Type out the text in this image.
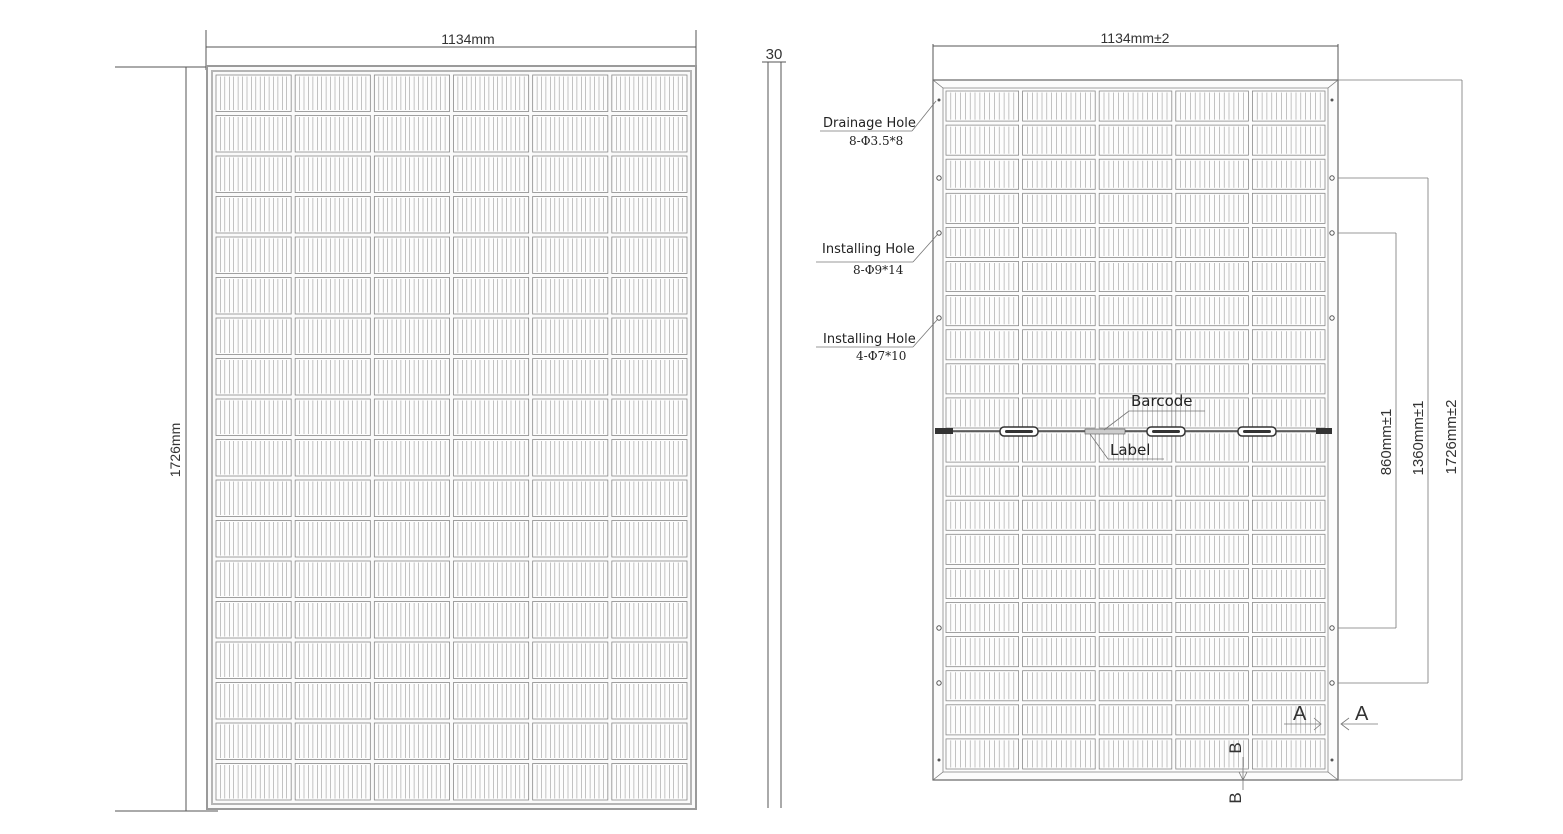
1134mm
1726mm
30
1134mm±2
860mm±1 1360mm±1 1726mm±2
Drainage Hole
8-Φ3.5*8
Installing Hole
8-Φ9*14
Installing Hole
4-Φ7*10
Barcode
Label
A A
B
B
